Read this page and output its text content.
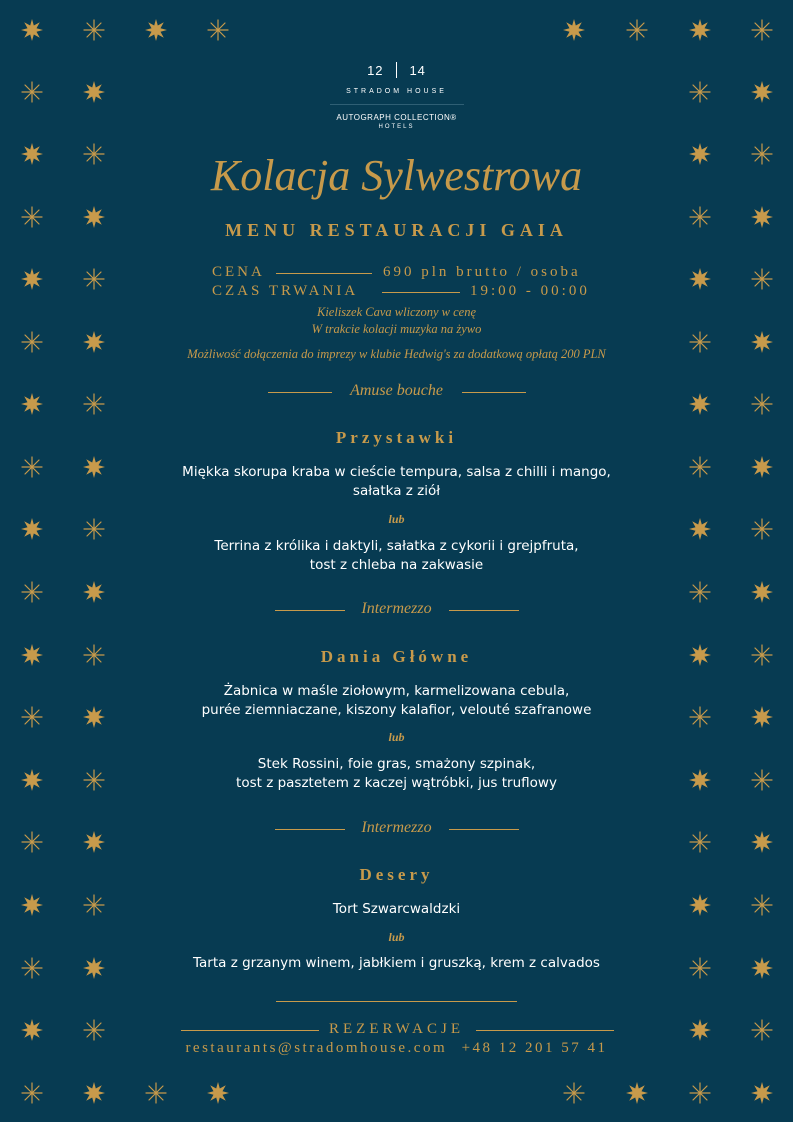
12 14
STRADOM HOUSE
AUTOGRAPH COLLECTION®
HOTELS
Kolacja Sylwestrowa
MENU RESTAURACJI GAIA
CENA	690 pln brutto / osoba
CZAS TRWANIA	19:00 - 00:00
Kieliszek Cava wliczony w cenę
W trakcie kolacji muzyka na żywo
Możliwość dołączenia do imprezy w klubie Hedwig's za dodatkową opłatą 200 PLN
Amuse bouche
Przystawki
Miękka skorupa kraba w cieście tempura, salsa z chilli i mango,
sałatka z ziół
lub
Terrina z królika i daktyli, sałatka z cykorii i grejpfruta,
tost z chleba na zakwasie
Intermezzo
Dania Główne
Żabnica w maśle ziołowym, karmelizowana cebula,
purée ziemniaczane, kiszony kalafior, velouté szafranowe
lub
Stek Rossini, foie gras, smażony szpinak,
tost z pasztetem z kaczej wątróbki, jus truflowy
Intermezzo
Desery
Tort Szwarcwaldzki
lub
Tarta z grzanym winem, jabłkiem i gruszką, krem z calvados
REZERWACJE
restaurants@stradomhouse.com +48 12 201 57 41
